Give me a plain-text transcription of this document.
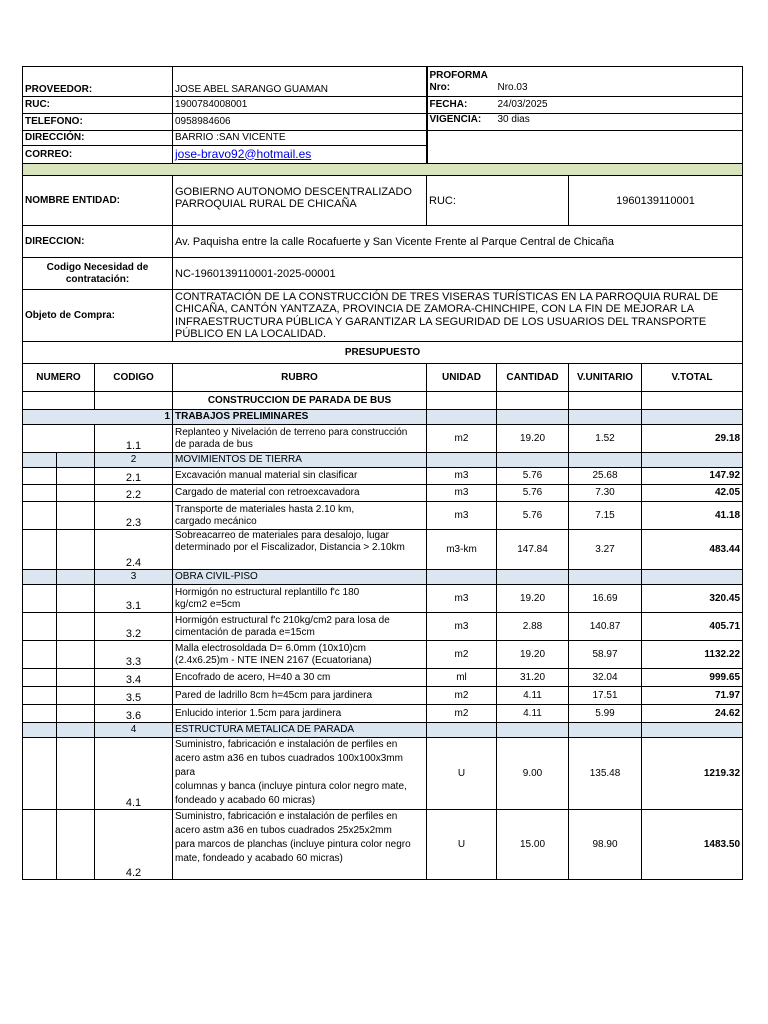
PROVEEDOR:			JOSE ABEL SARANGO GUAMAN	PROFORMA
Nro: Nro.03			

RUC:			1900784008001	FECHA: 24/03/2025			
TELEFONO:			0958984606	VIGENCIA: 30 dias			
DIRECCIÓN:			BARRIO :SAN VICENTE				
CORREO:			jose-bravo92@hotmail.es				

NOMBRE ENTIDAD:			GOBIERNO AUTONOMO DESCENTRALIZADO PARROQUIAL RURAL DE CHICAÑA	RUC:		1960139110001	
DIRECCION:			Av. Paquisha entre la calle Rocafuerte y San Vicente Frente al Parque Central de Chicaña				
Codigo Necesidad de contratación:			NC-1960139110001-2025-00001				
Objeto de Compra:			CONTRATACIÓN DE LA CONSTRUCCIÓN DE TRES VISERAS TURÍSTICAS EN LA PARROQUIA RURAL DE CHICAÑA, CANTÓN YANTZAZA, PROVINCIA DE ZAMORA-CHINCHIPE, CON LA FIN DE MEJORAR LA INFRAESTRUCTURA PÚBLICA Y GARANTIZAR LA SEGURIDAD DE LOS USUARIOS DEL TRANSPORTE PÚBLICO EN LA LOCALIDAD.				
PRESUPUESTO							
NUMERO		CODIGO	RUBRO	UNIDAD	CANTIDAD	V.UNITARIO	V.TOTAL
			CONSTRUCCION DE PARADA DE BUS				
1			TRABAJOS PRELIMINARES				
		1.1	Replanteo y Nivelación de terreno para construcción
de parada de bus	m2	19.20	1.52	29.18
		2	MOVIMIENTOS DE TIERRA				
		2.1	Excavación manual material sin clasificar	m3	5.76	25.68	147.92
		2.2	Cargado de material con retroexcavadora	m3	5.76	7.30	42.05
		2.3	Transporte de materiales hasta 2.10 km,
cargado mecánico	m3	5.76	7.15	41.18
		2.4	Sobreacarreo de materiales para desalojo, lugar
determinado por el Fiscalizador, Distancia > 2.10km	m3-km	147.84	3.27	483.44
		3	OBRA CIVIL-PISO				
		3.1	Hormigón no estructural replantillo f'c 180
kg/cm2 e=5cm	m3	19.20	16.69	320.45
		3.2	Hormigón estructural f'c 210kg/cm2 para losa de
cimentación de parada e=15cm	m3	2.88	140.87	405.71
		3.3	Malla electrosoldada D= 6.0mm (10x10)cm
(2.4x6.25)m - NTE INEN 2167 (Ecuatoriana)	m2	19.20	58.97	1132.22
		3.4	Encofrado de acero, H=40 a 30 cm	ml	31.20	32.04	999.65
		3.5	Pared de ladrillo 8cm h=45cm para jardinera	m2	4.11	17.51	71.97
		3.6	Enlucido interior 1.5cm para jardinera	m2	4.11	5.99	24.62
		4	ESTRUCTURA METALICA DE PARADA				
		4.1	Suministro, fabricación e instalación de perfiles en
acero astm a36 en tubos cuadrados 100x100x3mm
para
columnas y banca (incluye pintura color negro mate,
fondeado y acabado 60 micras)	U	9.00	135.48	1219.32
		4.2	Suministro, fabricación e instalación de perfiles en
acero astm a36 en tubos cuadrados 25x25x2mm
para marcos de planchas (incluye pintura color negro
mate, fondeado y acabado 60 micras)	U	15.00	98.90	1483.50
